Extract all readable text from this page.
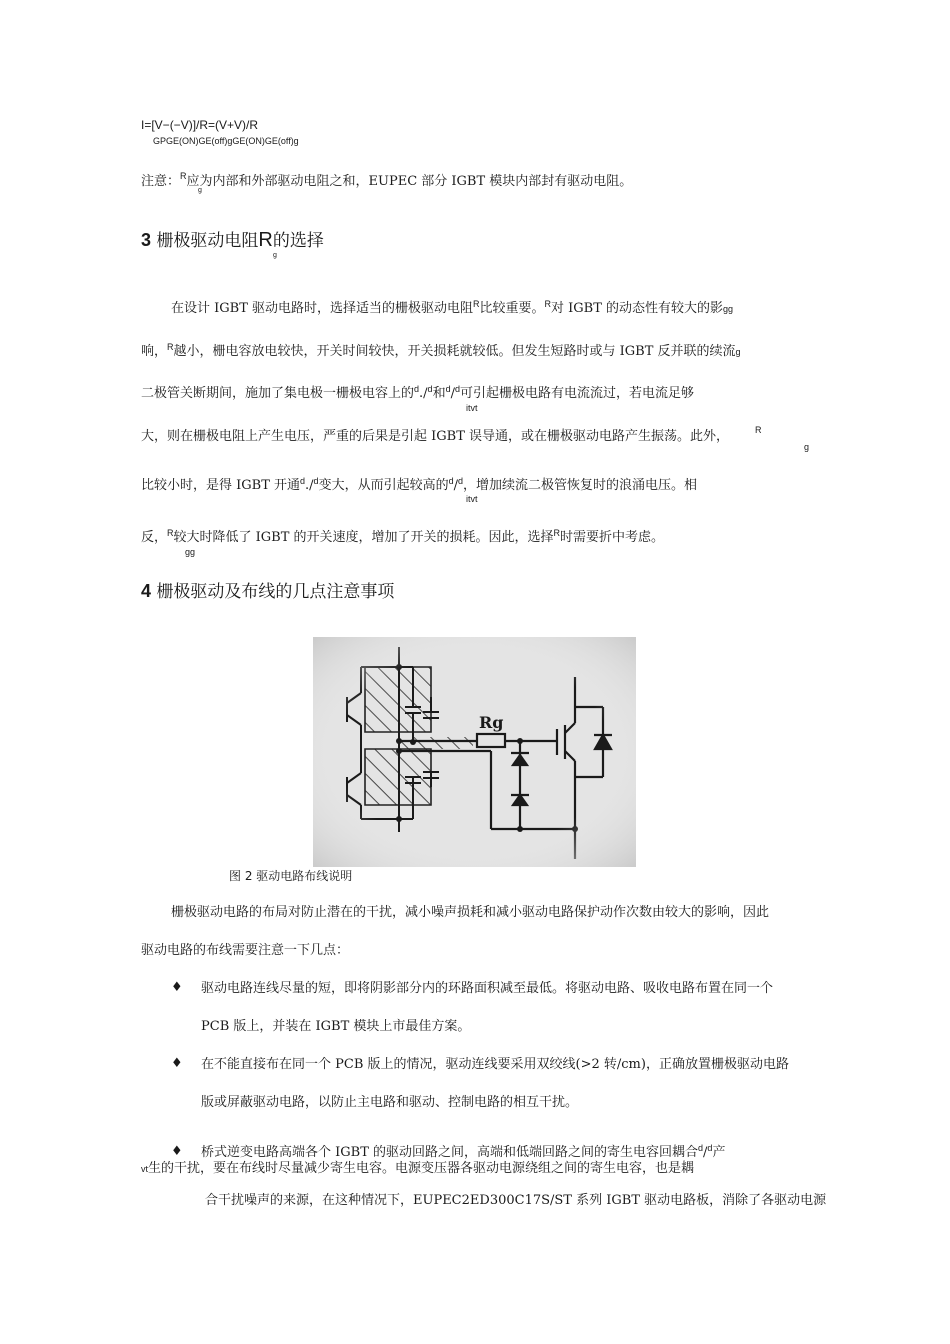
I=[V−(−V)]/R=(V+V)/R
GPGE(ON)GE(off)gGE(ON)GE(off)g
注意：$^R$应为内部和外部驱动电阻之和，EUPEC 部分 IGBT 模块内部封有驱动电阻。
g
3 栅极驱动电阻R的选择
g
在设计 IGBT 驱动电路时，选择适当的栅极驱动电阻$^R$比较重要。$^R$对 IGBT 的动态性有较大的影gg
响，$^R$越小，栅电容放电较快，开关时间较快，开关损耗就较低。但发生短路时或与 IGBT 反并联的续流g
二极管关断期间，施加了集电极一栅极电容上的$^d$./$^d$和$^d$/$^d$可引起栅极电路有电流流过，若电流足够
itvt
大，则在栅极电阻上产生电压，严重的后果是引起 IGBT 误导通，或在栅极驱动电路产生振荡。此外，	R
g
比较小时，是得 IGBT 开通$^d$./$^d$变大，从而引起较高的$^d$/$^d$，增加续流二极管恢复时的浪涌电压。相
itvt
反，$^R$较大时降低了 IGBT 的开关速度，增加了开关的损耗。因此，选择$^R$时需要折中考虑。
gg
4 栅极驱动及布线的几点注意事项
图 2 驱动电路布线说明
栅极驱动电路的布局对防止潜在的干扰，减小噪声损耗和减小驱动电路保护动作次数由较大的影响，因此
驱动电路的布线需要注意一下几点：
♦ 驱动电路连线尽量的短，即将阴影部分内的环路面积减至最低。将驱动电路、吸收电路布置在同一个
PCB 版上，并装在 IGBT 模块上市最佳方案。
♦ 在不能直接布在同一个 PCB 版上的情况，驱动连线要采用双绞线(>2 转/cm)，正确放置栅极驱动电路
版或屏蔽驱动电路，以防止主电路和驱动、控制电路的相互干扰。
♦ 桥式逆变电路高端各个 IGBT 的驱动回路之间，高端和低端回路之间的寄生电容回耦合$^d$/$^d$产
vt生的干扰，要在布线时尽量减少寄生电容。电源变压器各驱动电源绕组之间的寄生电容，也是耦
合干扰噪声的来源，在这种情况下，EUPEC2ED300C17S/ST 系列 IGBT 驱动电路板，消除了各驱动电源
